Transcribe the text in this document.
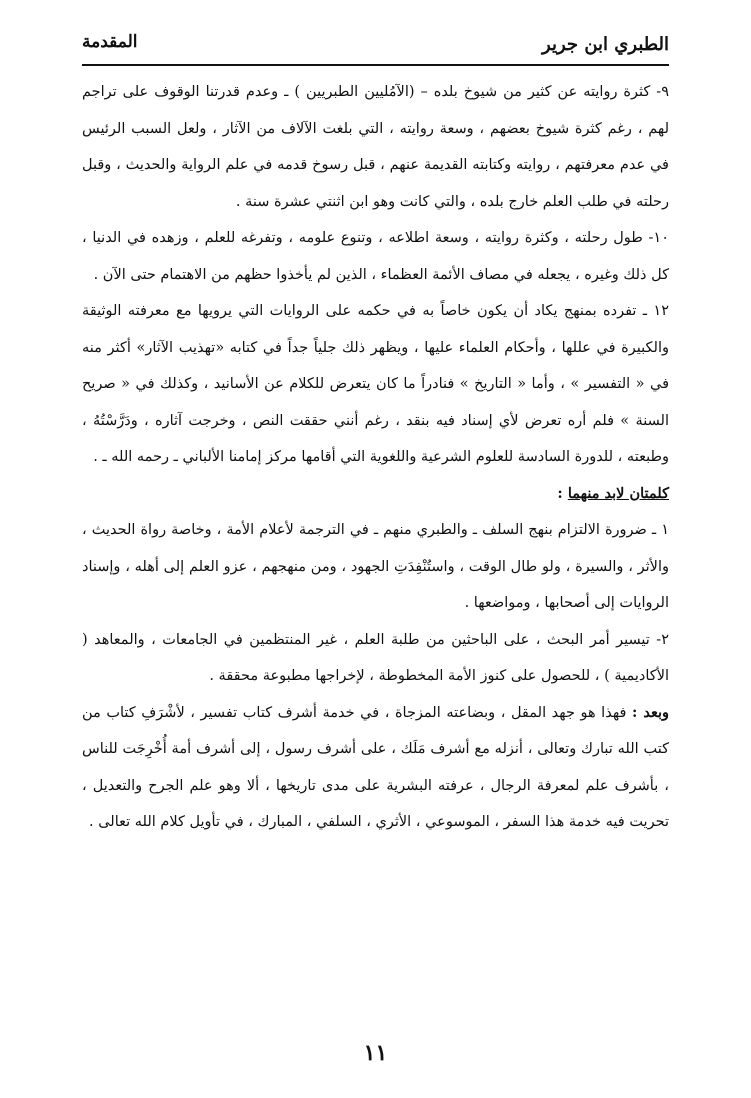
الطبري ابن جرير
المقدمة

٩- كثرة روايته عن كثير من شيوخ بلده – (الآمُليين الطبريين ) ـ وعدم قدرتنا الوقوف على تراجم لهم ، رغم كثرة شيوخ بعضهم ، وسعة روايته ، التي بلغت الآلاف من الآثار ، ولعل السبب الرئيس في عدم معرفتهم ، روايته وكتابته القديمة عنهم ، قبل رسوخ قدمه في علم الرواية والحديث ، وقبل رحلته في طلب العلم خارج بلده ، والتي كانت وهو ابن اثنتي عشرة سنة .

١٠- طول رحلته ، وكثرة روايته ، وسعة اطلاعه ، وتنوع علومه ، وتفرغه للعلم ، وزهده في الدنيا ، كل ذلك وغيره ، يجعله في مصاف الأئمة العظماء ، الذين لم يأخذوا حظهم من الاهتمام حتى الآن .

١٢ ـ تفرده بمنهج يكاد أن يكون خاصاً به في حكمه على الروايات التي يرويها مع معرفته الوثيقة والكبيرة في عللها ، وأحكام العلماء عليها ، ويظهر ذلك جلياً جداً في كتابه «تهذيب الآثار» أكثر منه في « التفسير » ، وأما « التاريخ » فنادراً ما كان يتعرض للكلام عن الأسانيد ، وكذلك في « صريح السنة » فلم أره تعرض لأي إسناد فيه بنقد ، رغم أنني حققت النص ، وخرجت آثاره ، ودَرَّسْتُهُ ، وطبعته ، للدورة السادسة للعلوم الشرعية واللغوية التي أقامها مركز إمامنا الألباني ـ رحمه الله ـ .

كلمتان لابد منهما :

١ ـ ضرورة الالتزام بنهج السلف ـ والطبري منهم ـ في الترجمة لأعلام الأمة ، وخاصة رواة الحديث ، والأثر ، والسيرة ، ولو طال الوقت ، واستُنْفِدَتِ الجهود ، ومن منهجهم ، عزو العلم إلى أهله ، وإسناد الروايات إلى أصحابها ، ومواضعها .

٢- تيسير أمر البحث ، على الباحثين من طلبة العلم ، غير المنتظمين في الجامعات ، والمعاهد ( الأكاديمية ) ، للحصول على كنوز الأمة المخطوطة ، لإخراجها مطبوعة محققة .

وبعد : فهذا هو جهد المقل ، وبضاعته المزجاة ، في خدمة أشرف كتاب تفسير ، لأشْرَفِ كتاب من كتب الله تبارك وتعالى ، أنزله مع أشرف مَلَك ، على أشرف رسول ، إلى أشرف أمة أُخْرِجَت للناس ، بأشرف علم لمعرفة الرجال ، عرفته البشرية على مدى تاريخها ، ألا وهو علم الجرح والتعديل ، تحريت فيه خدمة هذا السفر ، الموسوعي ، الأثري ، السلفي ، المبارك ، في تأويل كلام الله تعالى .

١١
